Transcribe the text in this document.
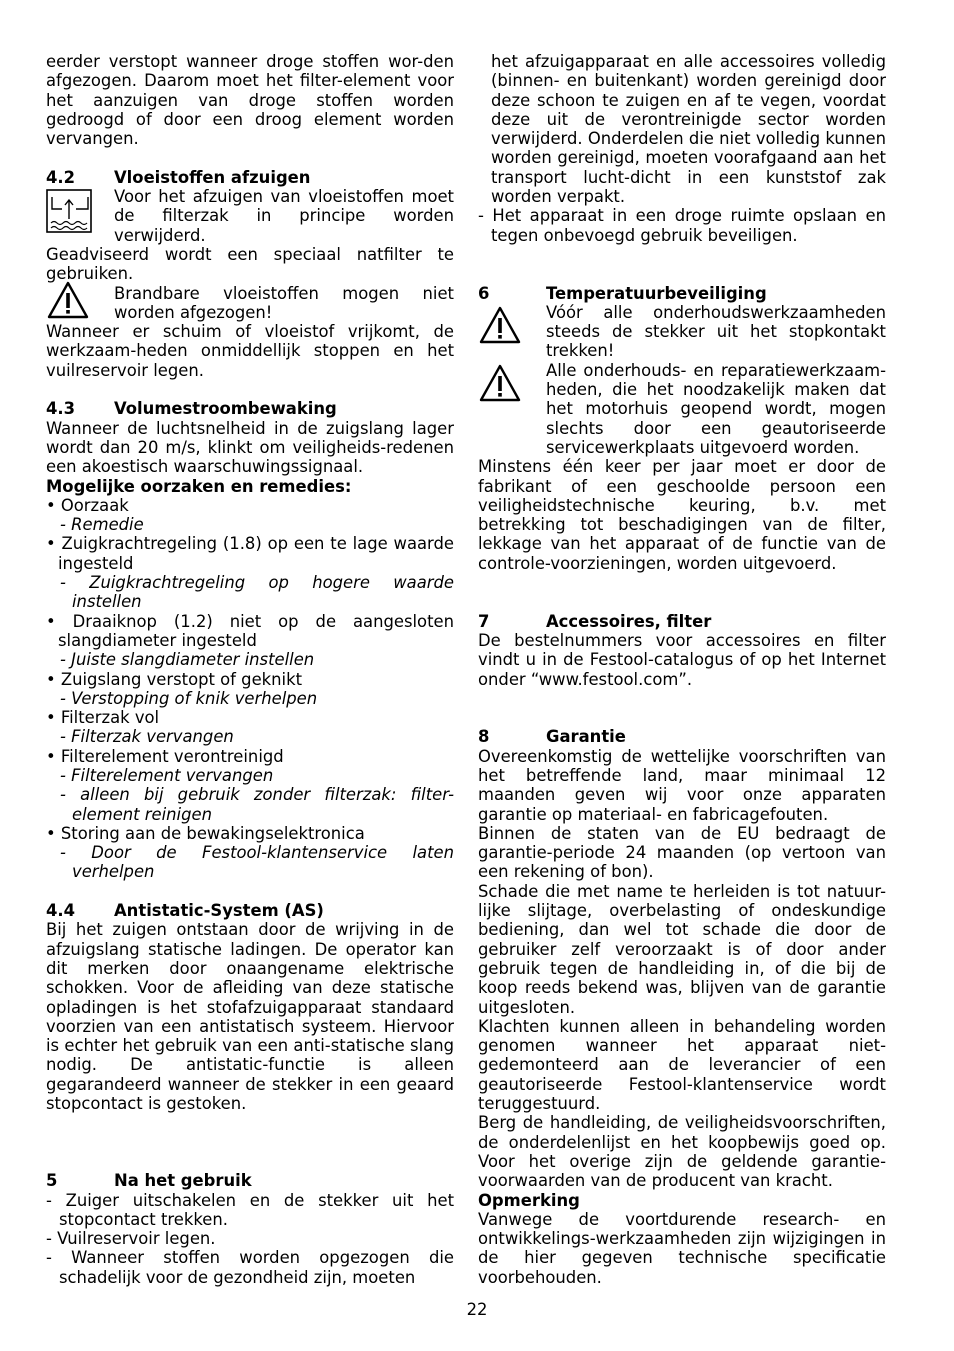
eerder verstopt wanneer droge stoffen wor-den afgezogen. Daarom moet het filter-element voor het aanzuigen van droge stoffen worden gedroogd of door een droog element worden vervangen.

4.2	Vloeistoffen afzuigen
Voor het afzuigen van vloeistoffen moet de filterzak in principe worden verwijderd.

Geadviseerd wordt een speciaal natfilter te gebruiken.

Brandbare vloeistoffen mogen niet worden afgezogen!

Wanneer er schuim of vloeistof vrijkomt, de werkzaam-heden onmiddellijk stoppen en het vuilreservoir legen.

4.3	Volumestroombewaking

Wanneer de luchtsnelheid in de zuigslang lager wordt dan 20 m/s, klinkt om veiligheids-redenen een akoestisch waarschuwingssignaal.

Mogelijke oorzaken en remedies:

• Oorzaak

- Remedie

• Zuigkrachtregeling (1.8) op een te lage waarde ingesteld

- Zuigkrachtregeling op hogere waarde instellen

• Draaiknop (1.2) niet op de aangesloten slangdiameter ingesteld

- Juiste slangdiameter instellen

• Zuigslang verstopt of geknikt

- Verstopping of knik verhelpen

• Filterzak vol

- Filterzak vervangen

• Filterelement verontreinigd

- Filterelement vervangen

- alleen bij gebruik zonder filterzak: filter-element reinigen

• Storing aan de bewakingselektronica

- Door de Festool-klantenservice laten verhelpen

4.4	Antistatic-System (AS)

Bij het zuigen ontstaan door de wrijving in de afzuigslang statische ladingen. De operator kan dit merken door onaangename elektrische schokken. Voor de afleiding van deze statische opladingen is het stofafzuigapparaat standaard voorzien van een antistatisch systeem. Hiervoor is echter het gebruik van een anti-statische slang nodig. De antistatic-functie is alleen gegarandeerd wanneer de stekker in een geaard stopcontact is gestoken.

5	Na het gebruik

- Zuiger uitschakelen en de stekker uit het stopcontact trekken.

- Vuilreservoir legen.

- Wanneer stoffen worden opgezogen die schadelijk voor de gezondheid zijn, moeten

het afzuigapparaat en alle accessoires volledig (binnen- en buitenkant) worden gereinigd door deze schoon te zuigen en af te vegen, voordat deze uit de verontreinigde sector worden verwijderd. Onderdelen die niet volledig kunnen worden gereinigd, moeten voorafgaand aan het transport lucht-dicht in een kunststof zak worden verpakt.

- Het apparaat in een droge ruimte opslaan en tegen onbevoegd gebruik beveiligen.

6	Temperatuurbeveiliging
Vóór alle onderhoudswerkzaamheden steeds de stekker uit het stopkontakt trekken!
Alle onderhouds- en reparatiewerkzaam-heden, die het noodzakelijk maken dat het motorhuis geopend wordt, mogen slechts door een geautoriseerde servicewerkplaats uitgevoerd worden.

Minstens één keer per jaar moet er door de fabrikant of een geschoolde persoon een veiligheidstechnische keuring, b.v. met betrekking tot beschadigingen van de filter, lekkage van het apparaat of de functie van de controle-voorzieningen, worden uitgevoerd.

7	Accessoires, filter

De bestelnummers voor accessoires en filter vindt u in de Festool-catalogus of op het Internet onder “www.festool.com”.

8	Garantie

Overeenkomstig de wettelijke voorschriften van het betreffende land, maar minimaal 12 maanden geven wij voor onze apparaten garantie op materiaal- en fabricagefouten.

Binnen de staten van de EU bedraagt de garantie-periode 24 maanden (op vertoon van een rekening of bon).

Schade die met name te herleiden is tot natuur-lijke slijtage, overbelasting of ondeskundige bediening, dan wel tot schade die door de gebruiker zelf veroorzaakt is of door ander gebruik tegen de handleiding in, of die bij de koop reeds bekend was, blijven van de garantie uitgesloten.

Klachten kunnen alleen in behandeling worden genomen wanneer het apparaat niet-gedemonteerd aan de leverancier of een geautoriseerde Festool-klantenservice wordt teruggestuurd.

Berg de handleiding, de veiligheidsvoorschriften, de onderdelenlijst en het koopbewijs goed op. Voor het overige zijn de geldende garantie-voorwaarden van de producent van kracht.

Opmerking

Vanwege de voortdurende research- en ontwikkelings-werkzaamheden zijn wijzigingen in de hier gegeven technische specificatie voorbehouden.

22
